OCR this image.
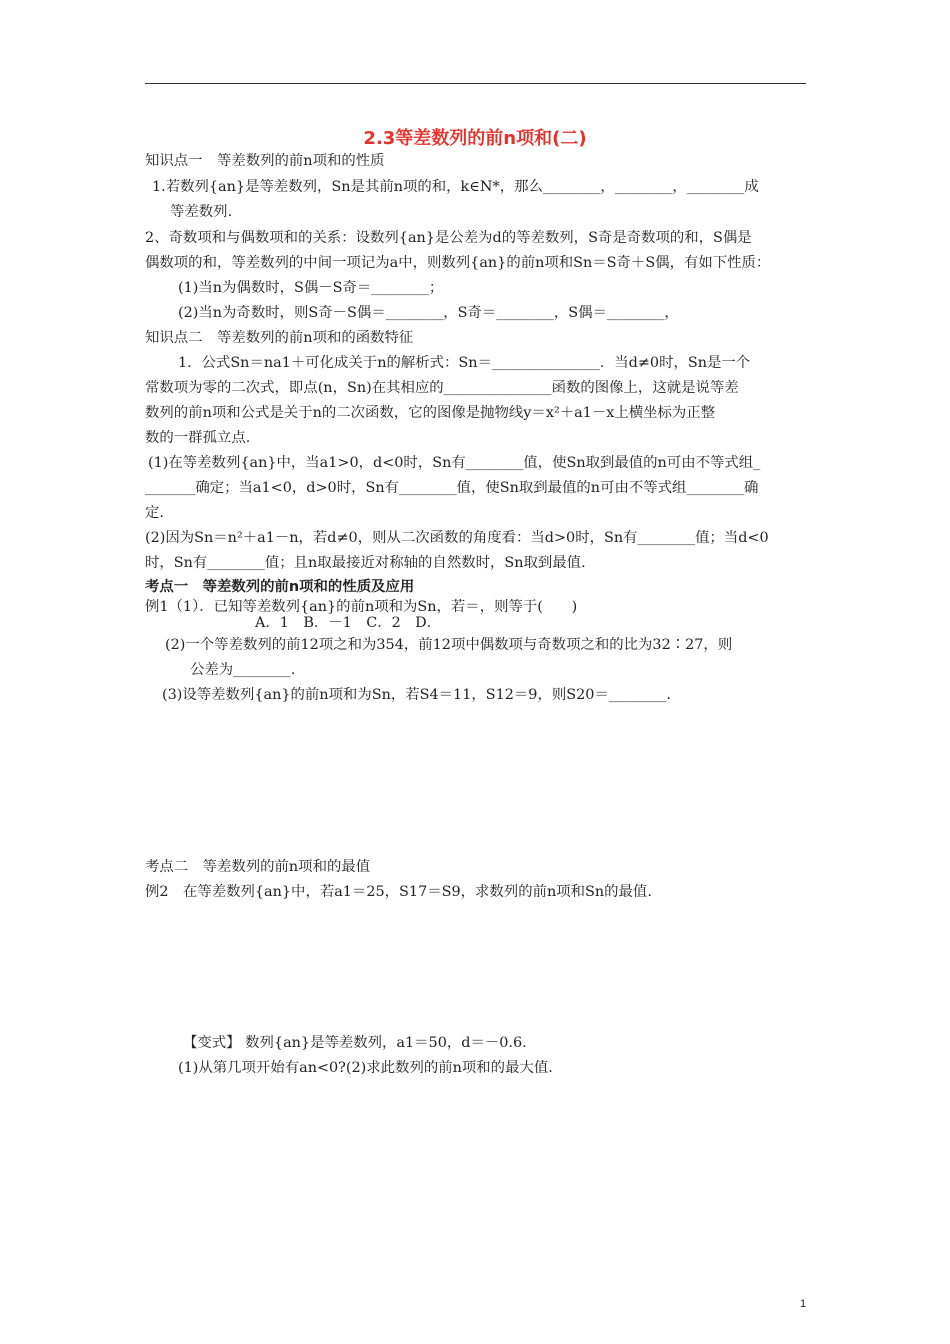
2.3等差数列的前n项和(二)
知识点一　等差数列的前n项和的性质
1.若数列{an}是等差数列，Sn是其前n项的和，k∈N*，那么________，________，________成
等差数列.
2、奇数项和与偶数项和的关系：设数列{an}是公差为d的等差数列，S奇是奇数项的和，S偶是
偶数项的和，等差数列的中间一项记为a中，则数列{an}的前n项和Sn＝S奇＋S偶，有如下性质：
(1)当n为偶数时，S偶－S奇＝________；
(2)当n为奇数时，则S奇－S偶＝________，S奇＝________，S偶＝________，
知识点二　等差数列的前n项和的函数特征
1．公式Sn＝na1＋可化成关于n的解析式：Sn＝_______________．当d≠0时，Sn是一个
常数项为零的二次式，即点(n，Sn)在其相应的_______________函数的图像上，这就是说等差
数列的前n项和公式是关于n的二次函数，它的图像是抛物线y＝x²＋a1－x上横坐标为正整
数的一群孤立点.
(1)在等差数列{an}中，当a1>0，d<0时，Sn有________值，使Sn取到最值的n可由不等式组_
_______确定；当a1<0，d>0时，Sn有________值，使Sn取到最值的n可由不等式组________确
定.
(2)因为Sn＝n²＋a1－n，若d≠0，则从二次函数的角度看：当d>0时，Sn有________值；当d<0
时，Sn有________值；且n取最接近对称轴的自然数时，Sn取到最值.
考点一　等差数列的前n项和的性质及应用
例1（1）．已知等差数列{an}的前n项和为Sn，若＝，则等于(　　)
A．1　B．－1　C．2　D．
(2)一个等差数列的前12项之和为354，前12项中偶数项与奇数项之和的比为32∶27，则
公差为________.
(3)设等差数列{an}的前n项和为Sn，若S4＝11，S12＝9，则S20＝________.
考点二　等差数列的前n项和的最值
例2　在等差数列{an}中，若a1＝25，S17＝S9，求数列的前n项和Sn的最值.
【变式】 数列{an}是等差数列，a1＝50，d＝－0.6.
(1)从第几项开始有an<0?(2)求此数列的前n项和的最大值.
1
